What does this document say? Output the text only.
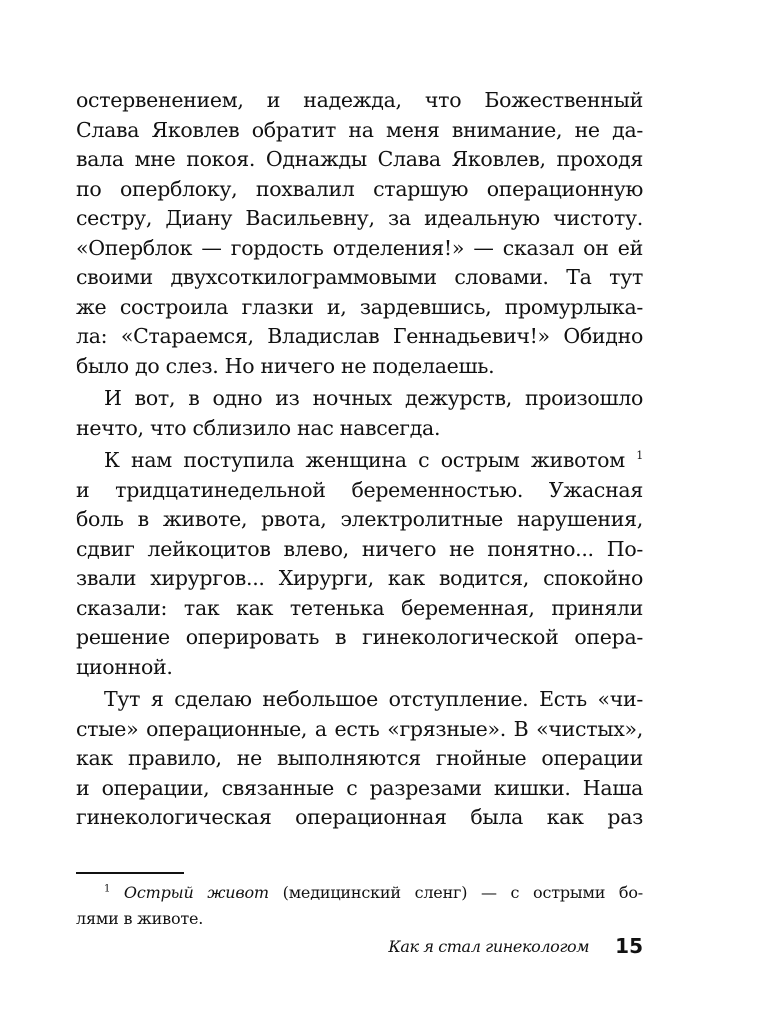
остервенением, и надежда, что Божественный
Слава Яковлев обратит на меня внимание, не да-
вала мне покоя. Однажды Слава Яковлев, проходя
по оперблоку, похвалил старшую операционную
сестру, Диану Васильевну, за идеальную чистоту.
«Оперблок — гордость отделения!» — сказал он ей
своими двухсоткилограммовыми словами. Та тут
же состроила глазки и, зардевшись, промурлыка-
ла: «Стараемся, Владислав Геннадьевич!» Обидно
было до слез. Но ничего не поделаешь.
И вот, в одно из ночных дежурств, произошло
нечто, что сблизило нас навсегда.
К нам поступила женщина с острым животом $^1$
и тридцатинедельной беременностью. Ужасная
боль в животе, рвота, электролитные нарушения,
сдвиг лейкоцитов влево, ничего не понятно... По-
звали хирургов... Хирурги, как водится, спокойно
сказали: так как тетенька беременная, приняли
решение оперировать в гинекологической опера-
ционной.
Тут я сделаю небольшое отступление. Есть «чи-
стые» операционные, а есть «грязные». В «чистых»,
как правило, не выполняются гнойные операции
и операции, связанные с разрезами кишки. Наша
гинекологическая операционная была как раз
$^1$ Острый живот (медицинский сленг) — с острыми бо-
лями в животе.
Как я стал гинекологом 15
